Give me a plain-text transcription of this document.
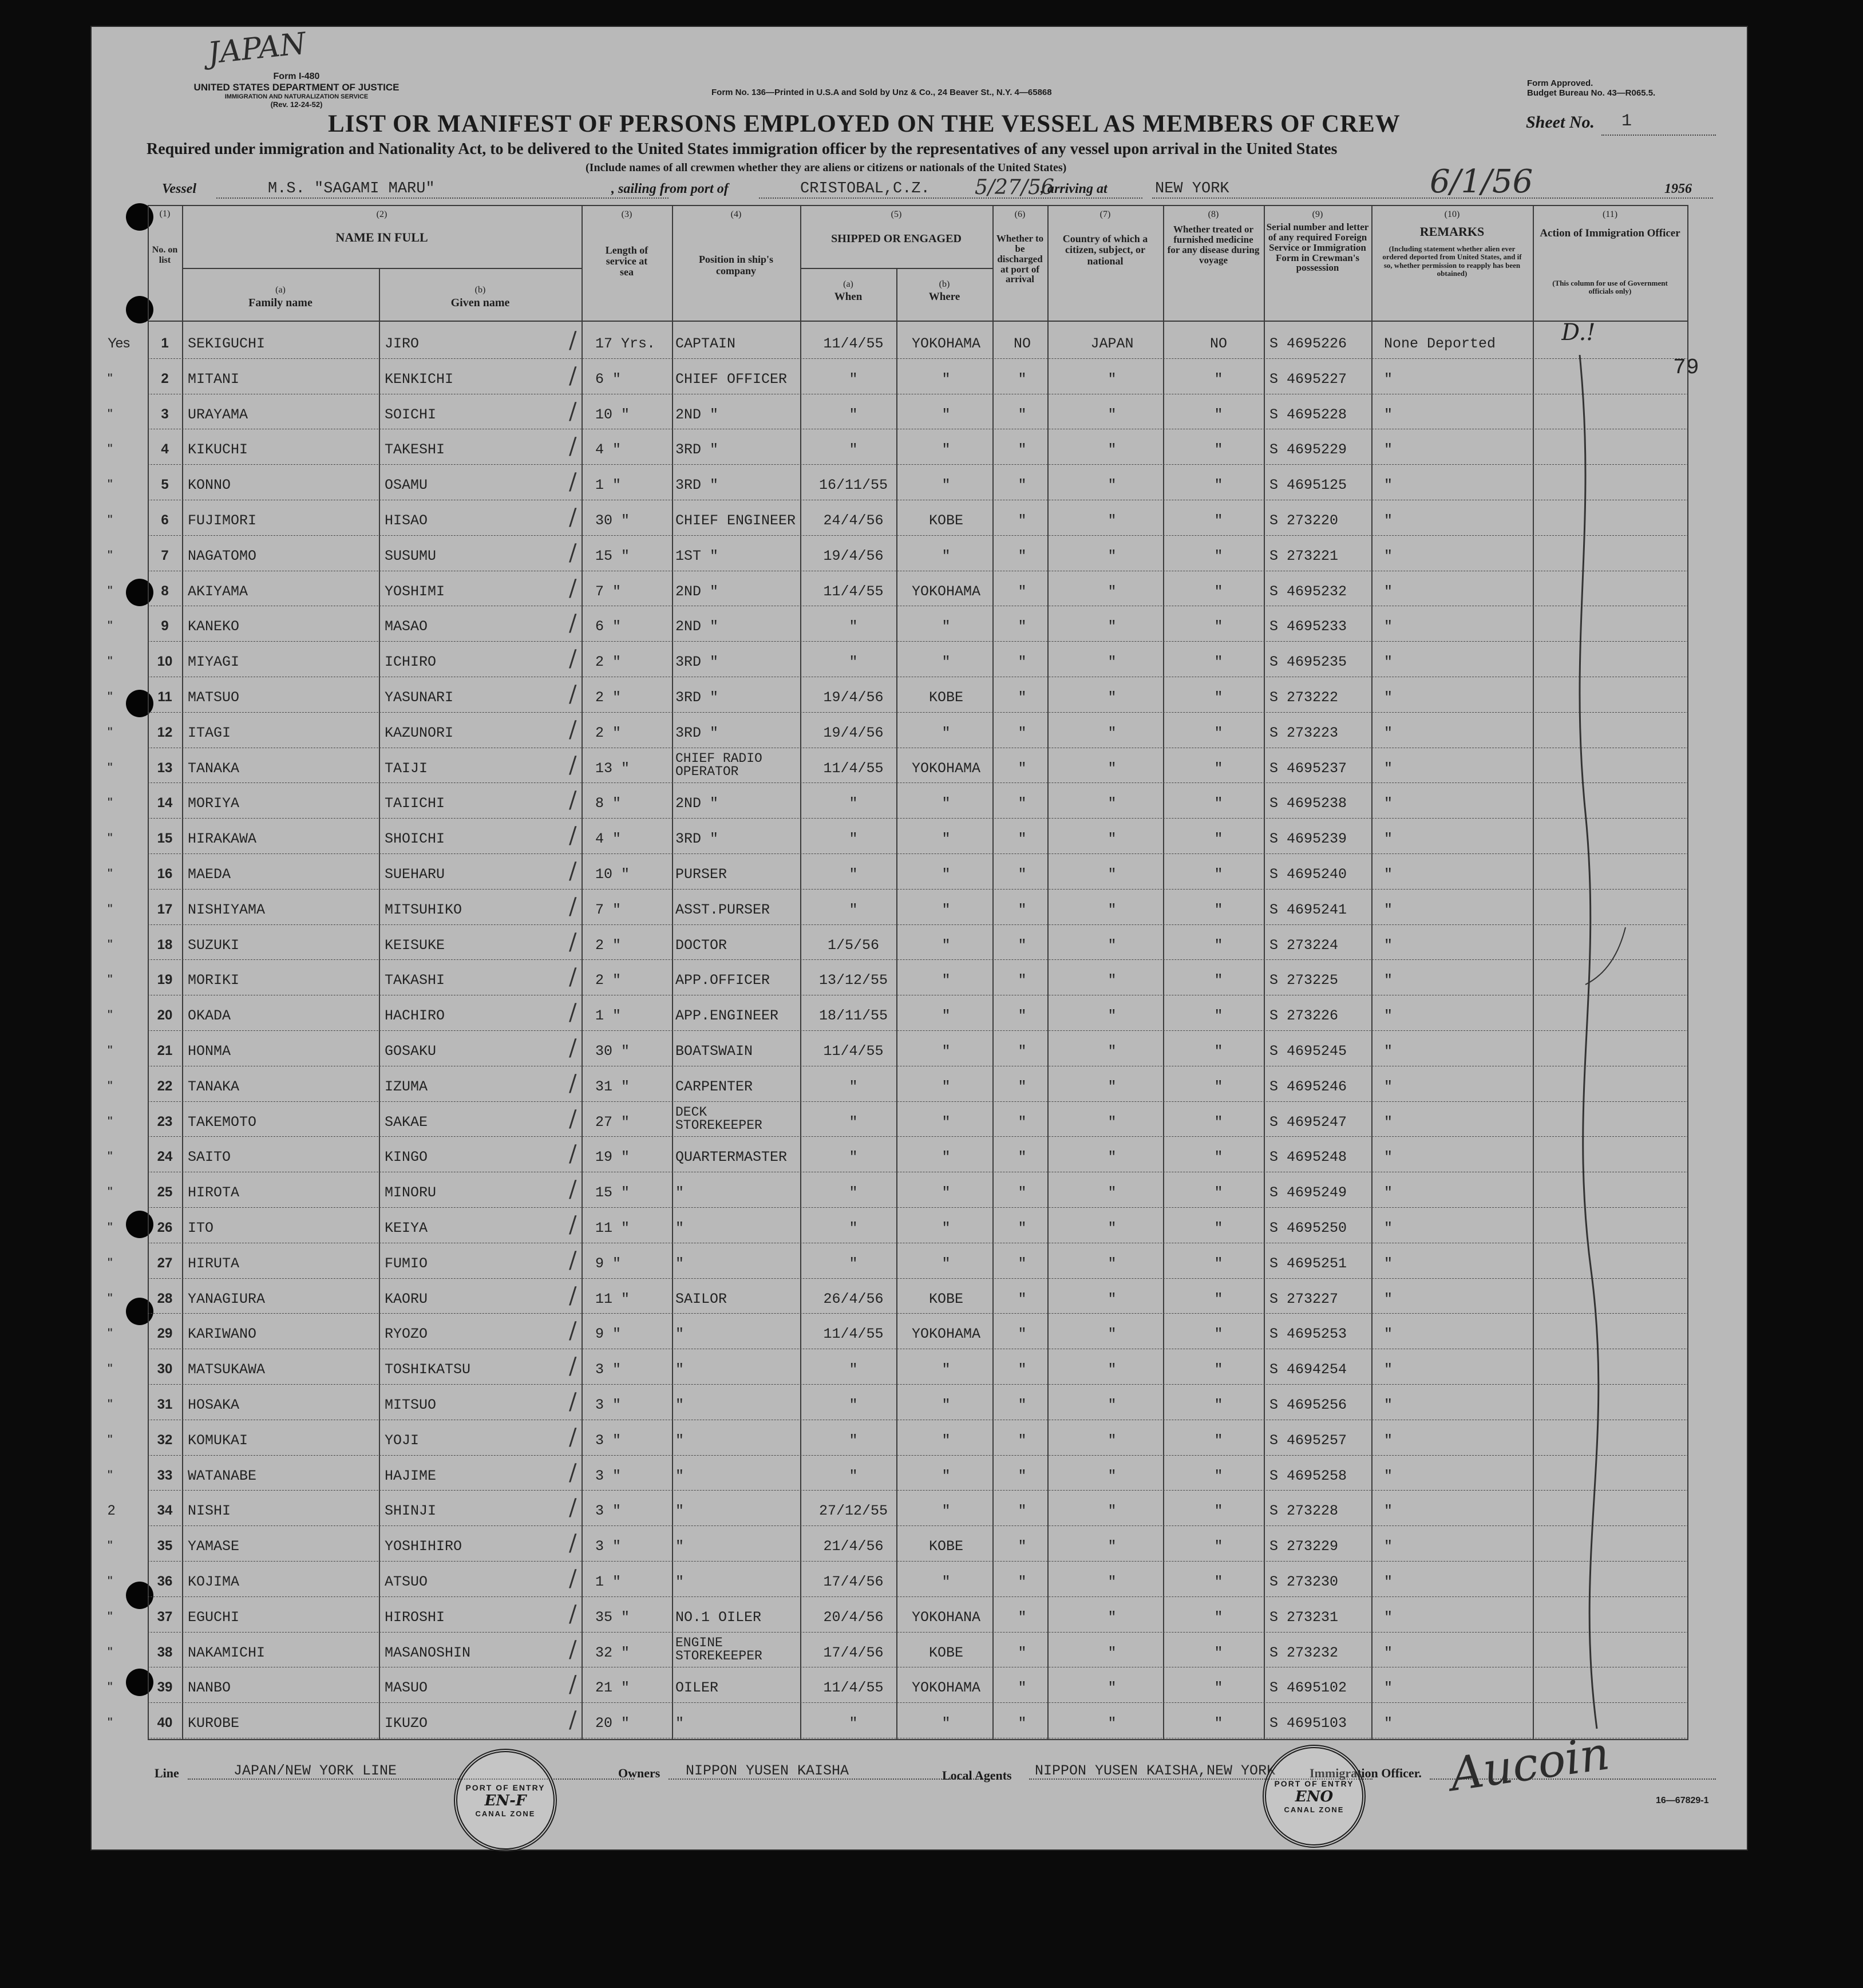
JAPAN
Form I-480
UNITED STATES DEPARTMENT OF JUSTICE
IMMIGRATION AND NATURALIZATION SERVICE
(Rev. 12-24-52)
Form No. 136—Printed in U.S.A and Sold by Unz & Co., 24 Beaver St., N.Y. 4—65868
Form Approved.
Budget Bureau No. 43—R065.5.
LIST OR MANIFEST OF PERSONS EMPLOYED ON THE VESSEL AS MEMBERS OF CREW	Sheet No. 1
Required under immigration and Nationality Act, to be delivered to the United States immigration officer by the representatives of any vessel upon arrival in the United States
(Include names of all crewmen whether they are aliens or citizens or nationals of the United States)
Vessel	M.S. "SAGAMI MARU"	, sailing from port of	CRISTOBAL,C.Z. 5/27/56
, arriving at	NEW YORK	6/1/56	1956
79
Line	JAPAN/NEW YORK LINE	Owners NIPPON YUSEN KAISHA	Local Agents NIPPON YUSEN KAISHA,NEW YORK	Immigration Officer. Aucoin	16—67829-1
PORT OF ENTRY
EN-F
CANAL ZONE
PORT OF ENTRY
ENO
CANAL ZONE
(1)
No. on list
(2)
NAME IN FULL
(a)
Family name
(b)
Given name
(3)
Length of service at sea
(4)
Position in ship's company
(5)
SHIPPED OR ENGAGED
(a)
When
(b)
Where
(6)
Whether to be discharged at port of arrival
(7)
Country of which a citizen, subject, or national
(8)
Whether treated or furnished medicine for any disease during voyage
(9)
Serial number and letter of any required Foreign Service or Immigration Form in Crewman's possession
(10)
REMARKS
(Including statement whether alien ever ordered deported from United States, and if so, whether permission to reapply has been obtained)
(11)
Action of Immigration Officer
(This column for use of Government officials only)
Yes	1	SEKIGUCHI	JIRO	17 Yrs.	CAPTAIN	11/4/55	YOKOHAMA	NO	JAPAN	NO	S 4695226	None Deported	D.!
/
"	2	MITANI	KENKICHI	6 "	CHIEF OFFICER	"	"	"	"	"	S 4695227	"
/
"	3	URAYAMA	SOICHI	10 "	2ND "	"	"	"	"	"	S 4695228	"
/
"	4	KIKUCHI	TAKESHI	4 "	3RD "	"	"	"	"	"	S 4695229	"
/
"	5	KONNO	OSAMU	1 "	3RD "	16/11/55	"	"	"	"	S 4695125	"
/
"	6	FUJIMORI	HISAO	30 "	CHIEF ENGINEER	24/4/56	KOBE	"	"	"	S 273220	"
/
"	7	NAGATOMO	SUSUMU	15 "	1ST "	19/4/56	"	"	"	"	S 273221	"
/
"	8	AKIYAMA	YOSHIMI	7 "	2ND "	11/4/55	YOKOHAMA	"	"	"	S 4695232	"
/
"	9	KANEKO	MASAO	6 "	2ND "	"	"	"	"	"	S 4695233	"
/
"	10	MIYAGI	ICHIRO	2 "	3RD "	"	"	"	"	"	S 4695235	"
/
"	11	MATSUO	YASUNARI	2 "	3RD "	19/4/56	KOBE	"	"	"	S 273222	"
/
"	12	ITAGI	KAZUNORI	2 "	3RD "	19/4/56	"	"	"	"	S 273223	"
/
"	13	TANAKA	TAIJI	13 "
CHIEF RADIO OPERATOR	11/4/55	YOKOHAMA	"	"	"	S 4695237	"
/
"	14	MORIYA	TAIICHI	8 "	2ND "	"	"	"	"	"	S 4695238	"
/
"	15	HIRAKAWA	SHOICHI	4 "	3RD "	"	"	"	"	"	S 4695239	"
/
"	16	MAEDA	SUEHARU	10 "	PURSER	"	"	"	"	"	S 4695240	"
/
"	17	NISHIYAMA	MITSUHIKO	7 "	ASST.PURSER	"	"	"	"	"	S 4695241	"
/
"	18	SUZUKI	KEISUKE	2 "	DOCTOR	1/5/56	"	"	"	"	S 273224	"
/
"	19	MORIKI	TAKASHI	2 "	APP.OFFICER	13/12/55	"	"	"	"	S 273225	"
/
"	20	OKADA	HACHIRO	1 "	APP.ENGINEER	18/11/55	"	"	"	"	S 273226	"
/
"	21	HONMA	GOSAKU	30 "	BOATSWAIN	11/4/55	"	"	"	"	S 4695245	"
/
"	22	TANAKA	IZUMA	31 "	CARPENTER	"	"	"	"	"	S 4695246	"
/
"	23	TAKEMOTO	SAKAE	27 "
DECK STOREKEEPER	"	"	"	"	"	S 4695247	"
/
"	24	SAITO	KINGO	19 "	QUARTERMASTER	"	"	"	"	"	S 4695248	"
/
"	25	HIROTA	MINORU	15 "	"	"	"	"	"	"	S 4695249	"
/
"	26	ITO	KEIYA	11 "	"	"	"	"	"	"	S 4695250	"
/
"	27	HIRUTA	FUMIO	9 "	"	"	"	"	"	"	S 4695251	"
/
"	28	YANAGIURA	KAORU	11 "	SAILOR	26/4/56	KOBE	"	"	"	S 273227	"
/
"	29	KARIWANO	RYOZO	9 "	"	11/4/55	YOKOHAMA	"	"	"	S 4695253	"
/
"	30	MATSUKAWA	TOSHIKATSU	3 "	"	"	"	"	"	"	S 4694254	"
/
"	31	HOSAKA	MITSUO	3 "	"	"	"	"	"	"	S 4695256	"
/
"	32	KOMUKAI	YOJI	3 "	"	"	"	"	"	"	S 4695257	"
/
"	33	WATANABE	HAJIME	3 "	"	"	"	"	"	"	S 4695258	"
/
2	34	NISHI	SHINJI	3 "	"	27/12/55	"	"	"	"	S 273228	"
/
"	35	YAMASE	YOSHIHIRO	3 "	"	21/4/56	KOBE	"	"	"	S 273229	"
/
"	36	KOJIMA	ATSUO	1 "	"	17/4/56	"	"	"	"	S 273230	"
/
"	37	EGUCHI	HIROSHI	35 "	NO.1 OILER	20/4/56	YOKOHANA	"	"	"	S 273231	"
/
"	38	NAKAMICHI	MASANOSHIN	32 "
ENGINE STOREKEEPER	17/4/56	KOBE	"	"	"	S 273232	"
/
"	39	NANBO	MASUO	21 "	OILER	11/4/55	YOKOHAMA	"	"	"	S 4695102	"
/
"	40	KUROBE	IKUZO	20 "	"	"	"	"	"	"	S 4695103	"
/
